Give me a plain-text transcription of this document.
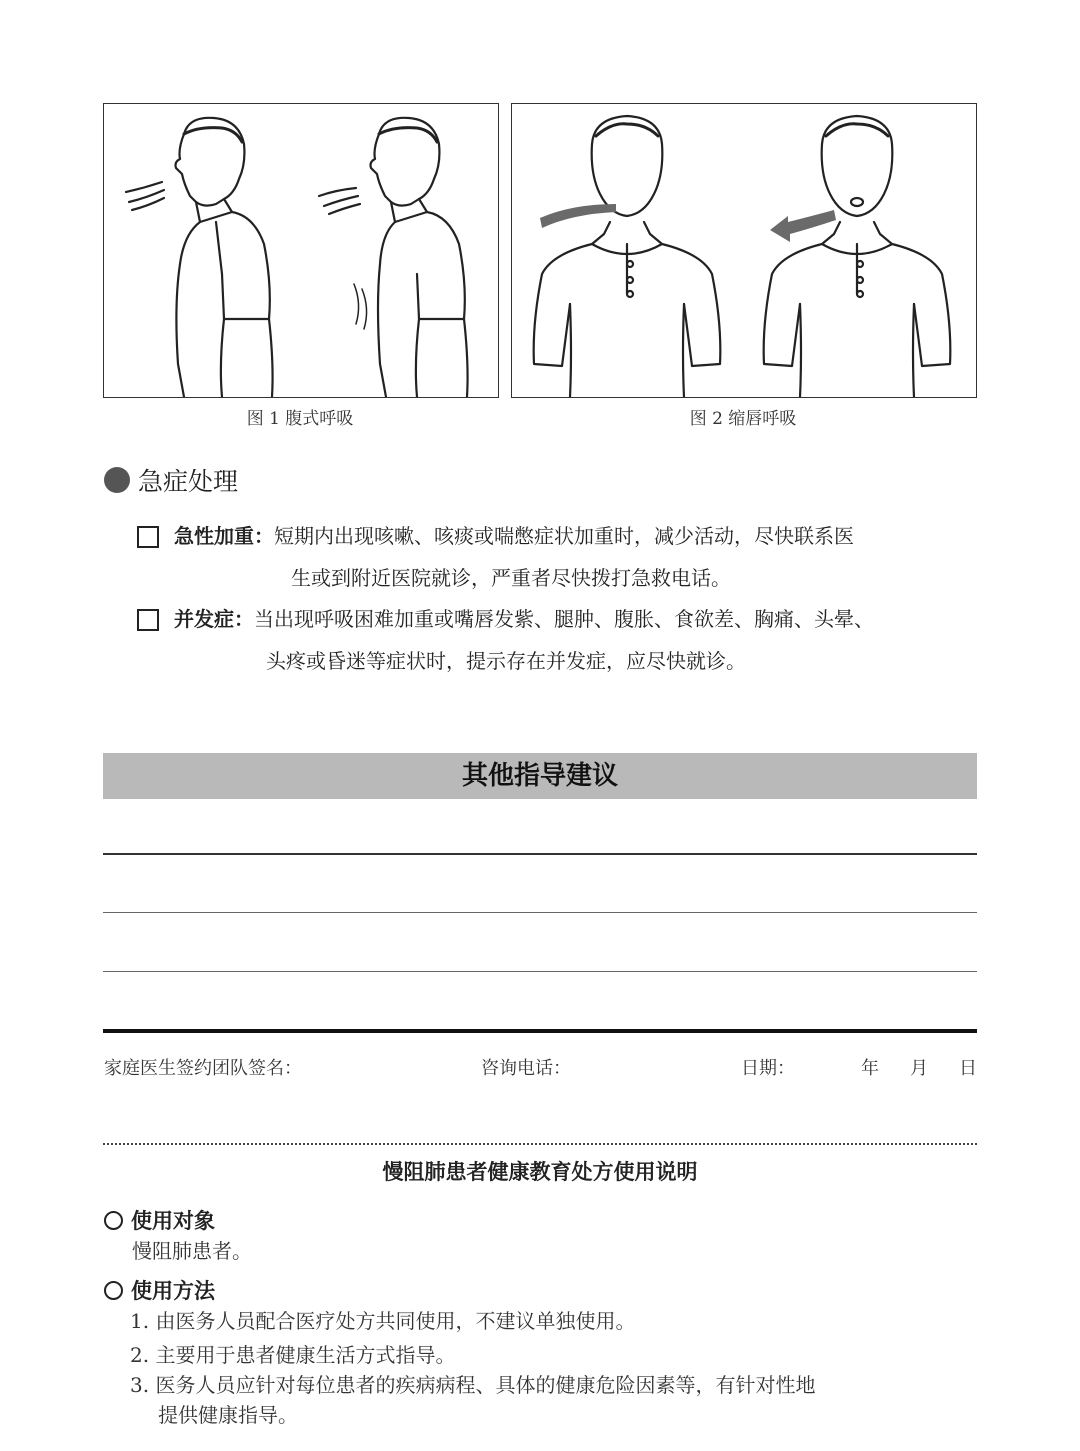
图 1 腹式呼吸	图 2 缩唇呼吸
急症处理
急性加重：短期内出现咳嗽、咳痰或喘憋症状加重时，减少活动，尽快联系医
生或到附近医院就诊，严重者尽快拨打急救电话。
并发症：当出现呼吸困难加重或嘴唇发紫、腿肿、腹胀、食欲差、胸痛、头晕、
头疼或昏迷等症状时，提示存在并发症，应尽快就诊。
其他指导建议
家庭医生签约团队签名：	咨询电话：	日期：	年 月 日
慢阻肺患者健康教育处方使用说明
使用对象
慢阻肺患者。
使用方法
1. 由医务人员配合医疗处方共同使用，不建议单独使用。
2. 主要用于患者健康生活方式指导。
3. 医务人员应针对每位患者的疾病病程、具体的健康危险因素等，有针对性地
提供健康指导。
